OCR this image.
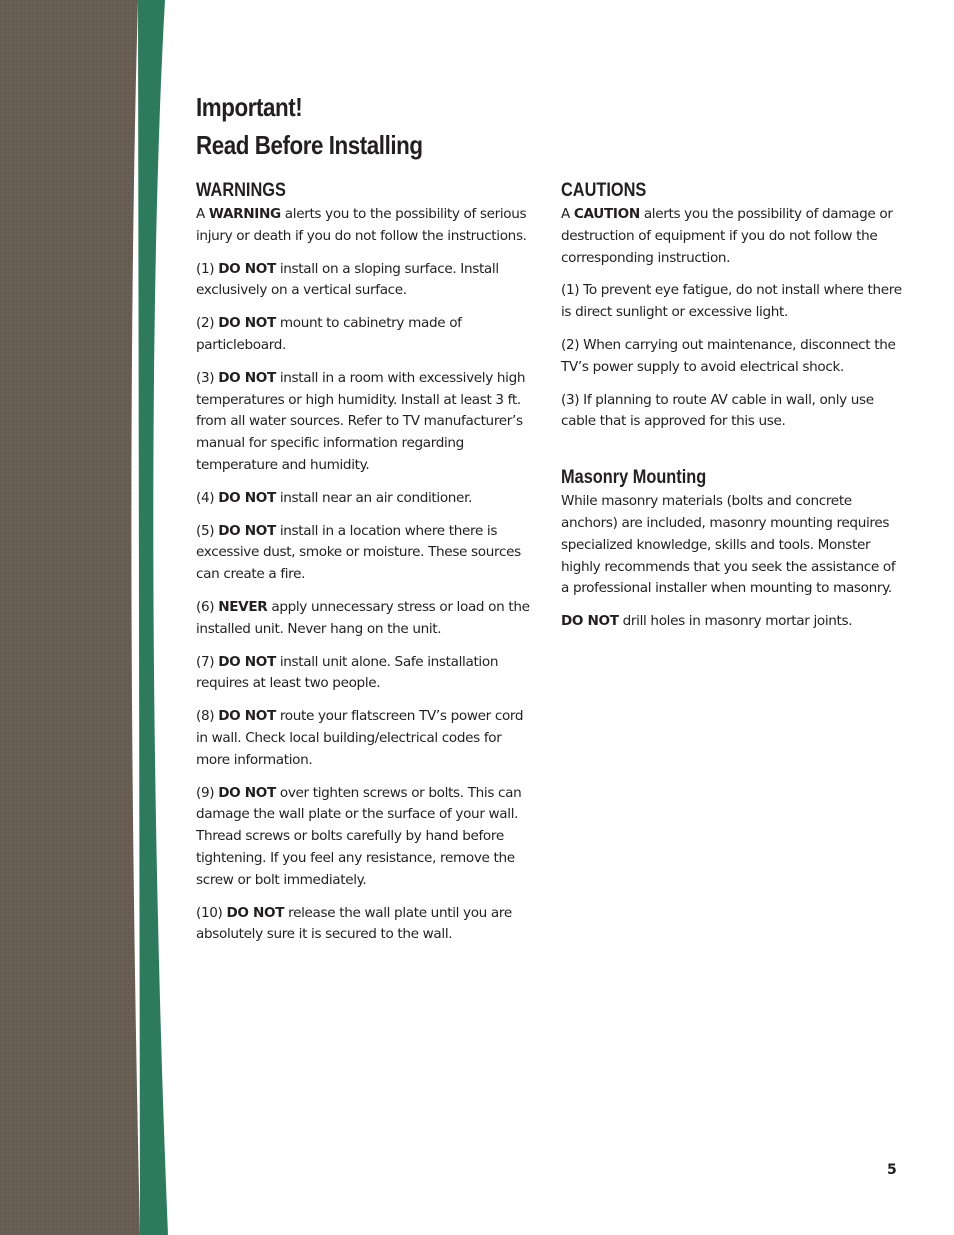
Important!
Read Before Installing
WARNINGS

A WARNING alerts you to the possibility of serious injury or death if you do not follow the instructions.

(1) DO NOT install on a sloping surface. Install exclusively on a vertical surface.

(2) DO NOT mount to cabinetry made of particleboard.

(3) DO NOT install in a room with excessively high temperatures or high humidity. Install at least 3 ft. from all water sources. Refer to TV manufacturer’s manual for specific information regarding temperature and humidity.

(4) DO NOT install near an air conditioner.

(5) DO NOT install in a location where there is excessive dust, smoke or moisture. These sources can create a fire.

(6) NEVER apply unnecessary stress or load on the installed unit. Never hang on the unit.

(7) DO NOT install unit alone. Safe installation requires at least two people.

(8) DO NOT route your flatscreen TV’s power cord in wall. Check local building/electrical codes for more information.

(9) DO NOT over tighten screws or bolts. This can damage the wall plate or the surface of your wall. Thread screws or bolts carefully by hand before tightening. If you feel any resistance, remove the screw or bolt immediately.

(10) DO NOT release the wall plate until you are absolutely sure it is secured to the wall.

CAUTIONS

A CAUTION alerts you the possibility of damage or destruction of equipment if you do not follow the corresponding instruction.

(1) To prevent eye fatigue, do not install where there is direct sunlight or excessive light.

(2) When carrying out maintenance, disconnect the TV’s power supply to avoid electrical shock.

(3) If planning to route AV cable in wall, only use cable that is approved for this use.

Masonry Mounting

While masonry materials (bolts and concrete anchors) are included, masonry mounting requires specialized knowledge, skills and tools. Monster highly recommends that you seek the assistance of a professional installer when mounting to masonry.

DO NOT drill holes in masonry mortar joints.

5
